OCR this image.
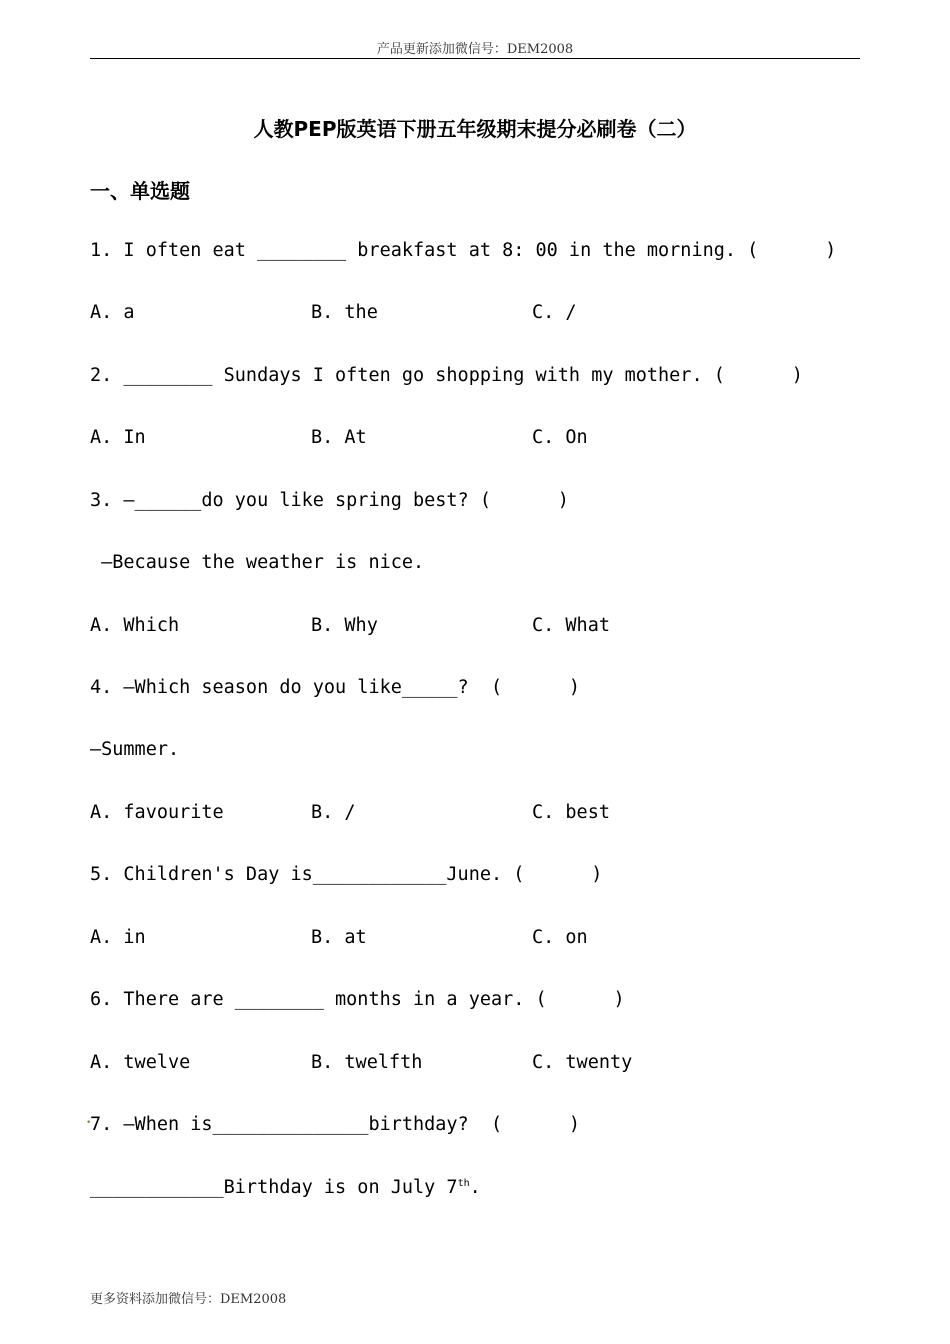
产品更新添加微信号：DEM2008
人教PEP版英语下册五年级期末提分必刷卷（二）
一、单选题
1. I often eat ________ breakfast at 8: 00 in the morning. (      )
A. a	B. the	C. /
2. ________ Sundays I often go shopping with my mother. (      )
A. In	B. At	C. On
3. —______do you like spring best? (      )
—Because the weather is nice.
A. Which	B. Why	C. What
4. —Which season do you like_____?  (      )
—Summer.
A. favourite	B. /	C. best
5. Children's Day is____________June. (      )
A. in	B. at	C. on
6. There are ________ months in a year. (      )
A. twelve	B. twelfth	C. twenty
•
7. —When is______________birthday?  (      )
____________Birthday is on July 7th.
更多资料添加微信号：DEM2008
